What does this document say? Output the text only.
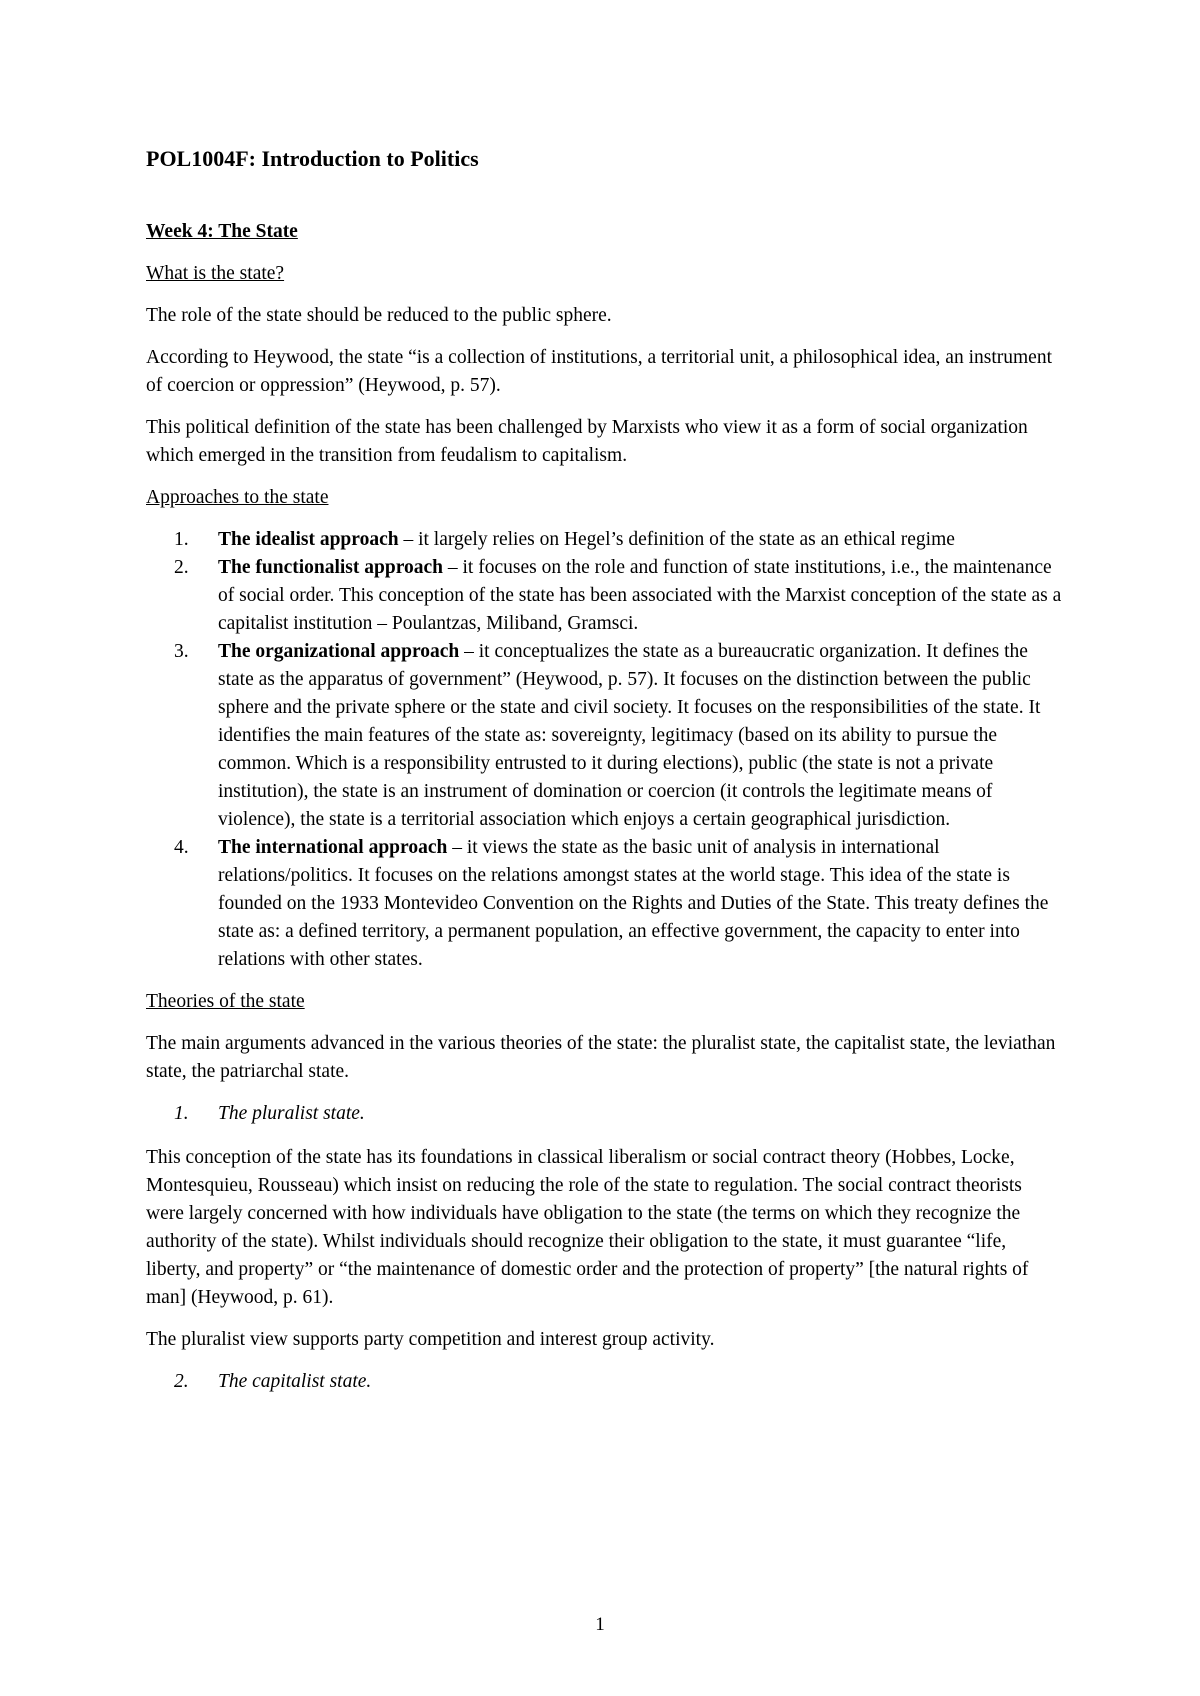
POL1004F: Introduction to Politics
Week 4: The State
What is the state?

The role of the state should be reduced to the public sphere.

According to Heywood, the state “is a collection of institutions, a territorial unit, a philosophical idea, an instrument of coercion or oppression” (Heywood, p. 57).

This political definition of the state has been challenged by Marxists who view it as a form of social organization which emerged in the transition from feudalism to capitalism.

Approaches to the state
1.	The idealist approach – it largely relies on Hegel’s definition of the state as an ethical regime
2.	The functionalist approach – it focuses on the role and function of state institutions, i.e., the maintenance of social order. This conception of the state has been associated with the Marxist conception of the state as a capitalist institution – Poulantzas, Miliband, Gramsci.
3.	The organizational approach – it conceptualizes the state as a bureaucratic organization. It defines the state as the apparatus of government” (Heywood, p. 57). It focuses on the distinction between the public sphere and the private sphere or the state and civil society. It focuses on the responsibilities of the state. It identifies the main features of the state as: sovereignty, legitimacy (based on its ability to pursue the common. Which is a responsibility entrusted to it during elections), public (the state is not a private institution), the state is an instrument of domination or coercion (it controls the legitimate means of violence), the state is a territorial association which enjoys a certain geographical jurisdiction.
4.	The international approach – it views the state as the basic unit of analysis in international relations/politics. It focuses on the relations amongst states at the world stage. This idea of the state is founded on the 1933 Montevideo Convention on the Rights and Duties of the State. This treaty defines the state as: a defined territory, a permanent population, an effective government, the capacity to enter into relations with other states.
Theories of the state

The main arguments advanced in the various theories of the state: the pluralist state, the capitalist state, the leviathan state, the patriarchal state.

1. The pluralist state.

This conception of the state has its foundations in classical liberalism or social contract theory (Hobbes, Locke, Montesquieu, Rousseau) which insist on reducing the role of the state to regulation. The social contract theorists were largely concerned with how individuals have obligation to the state (the terms on which they recognize the authority of the state). Whilst individuals should recognize their obligation to the state, it must guarantee “life, liberty, and property” or “the maintenance of domestic order and the protection of property” [the natural rights of man] (Heywood, p. 61).

The pluralist view supports party competition and interest group activity.

2. The capitalist state.
1
